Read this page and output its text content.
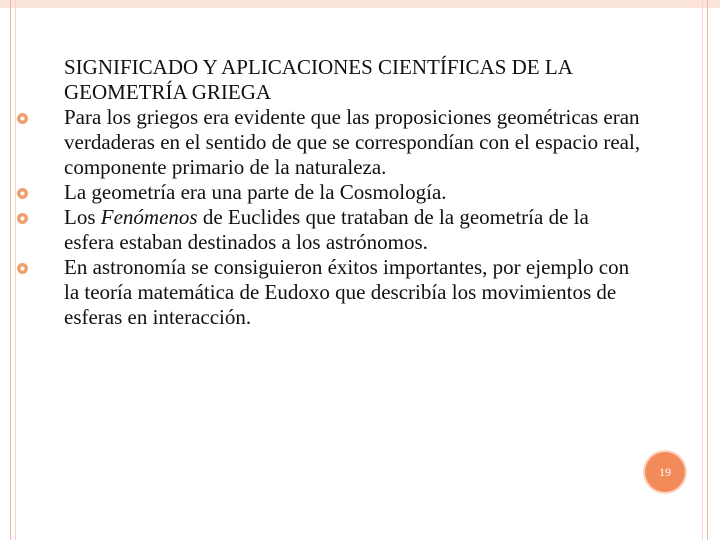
SIGNIFICADO Y APLICACIONES CIENTÍFICAS DE LA GEOMETRÍA GRIEGA

Para los griegos era evidente que las proposiciones geométricas eran verdaderas en el sentido de que se correspondían con el espacio real, componente primario de la naturaleza.
La geometría era una parte de la Cosmología.
Los Fenómenos de Euclides que trataban de la geometría de la esfera estaban destinados a los astrónomos.
En astronomía se consiguieron éxitos importantes, por ejemplo con la teoría matemática de Eudoxo que describía los movimientos de esferas en interacción.
19
